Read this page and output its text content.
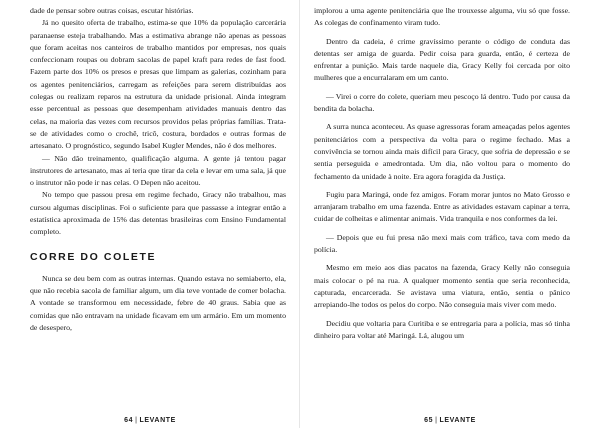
dade de pensar sobre outras coisas, escutar histórias.

Já no quesito oferta de trabalho, estima-se que 10% da população carcerária paranaense esteja trabalhando. Mas a estimativa abrange não apenas as pessoas que foram aceitas nos canteiros de trabalho mantidos por empresas, nos quais confeccionam roupas ou dobram sacolas de papel kraft para redes de fast food. Fazem parte dos 10% os presos e presas que limpam as galerias, cozinham para os agentes penitenciários, carregam as refeições para serem distribuídas aos colegas ou realizam reparos na estrutura da unidade prisional. Ainda integram esse percentual as pessoas que desempenham atividades manuais dentro das celas, na maioria das vezes com recursos providos pelas próprias famílias. Trata-se de atividades como o crochê, tricô, costura, bordados e outras formas de artesanato. O prognóstico, segundo Isabel Kugler Mendes, não é dos melhores.

— Não dão treinamento, qualificação alguma. A gente já tentou pagar instrutores de artesanato, mas aí teria que tirar da cela e levar em uma sala, já que o instrutor não pode ir nas celas. O Depen não aceitou.

No tempo que passou presa em regime fechado, Gracy não trabalhou, mas cursou algumas disciplinas. Foi o suficiente para que passasse a integrar então a estatística aproximada de 15% das detentas brasileiras com Ensino Fundamental completo.

CORRE DO COLETE

Nunca se deu bem com as outras internas. Quando estava no semiaberto, ela, que não recebia sacola de familiar algum, um dia teve vontade de comer bolacha. A vontade se transformou em necessidade, febre de 40 graus. Sabia que as comidas que não entravam na unidade ficavam em um armário. Em um momento de desespero,

64 | LEVANTE

implorou a uma agente penitenciária que lhe trouxesse alguma, viu só que fosse. As colegas de confinamento viram tudo.

Dentro da cadeia, é crime gravíssimo perante o código de conduta das detentas ser amiga de guarda. Pedir coisa para guarda, então, é certeza de enfrentar a punição. Mais tarde naquele dia, Gracy Kelly foi cercada por oito mulheres que a encurralaram em um canto.

— Virei o corre do colete, queriam meu pescoço lá dentro. Tudo por causa da bendita da bolacha.

A surra nunca aconteceu. As quase agressoras foram ameaçadas pelos agentes penitenciários com a perspectiva da volta para o regime fechado. Mas a convivência se tornou ainda mais difícil para Gracy, que sofria de depressão e se sentia perseguida e amedrontada. Um dia, não voltou para o momento do fechamento da unidade à noite. Era agora foragida da Justiça.

Fugiu para Maringá, onde fez amigos. Foram morar juntos no Mato Grosso e arranjaram trabalho em uma fazenda. Entre as atividades estavam capinar a terra, cuidar de colheitas e alimentar animais. Vida tranquila e nos conformes da lei.

— Depois que eu fui presa não mexi mais com tráfico, tava com medo da polícia.

Mesmo em meio aos dias pacatos na fazenda, Gracy Kelly não conseguia mais colocar o pé na rua. A qualquer momento sentia que seria reconhecida, capturada, encarcerada. Se avistava uma viatura, então, sentia o pânico arrepiando-lhe todos os pelos do corpo. Não conseguia mais viver com medo.

Decidiu que voltaria para Curitiba e se entregaria para a polícia, mas só tinha dinheiro para voltar até Maringá. Lá, alugou um

65 | LEVANTE
